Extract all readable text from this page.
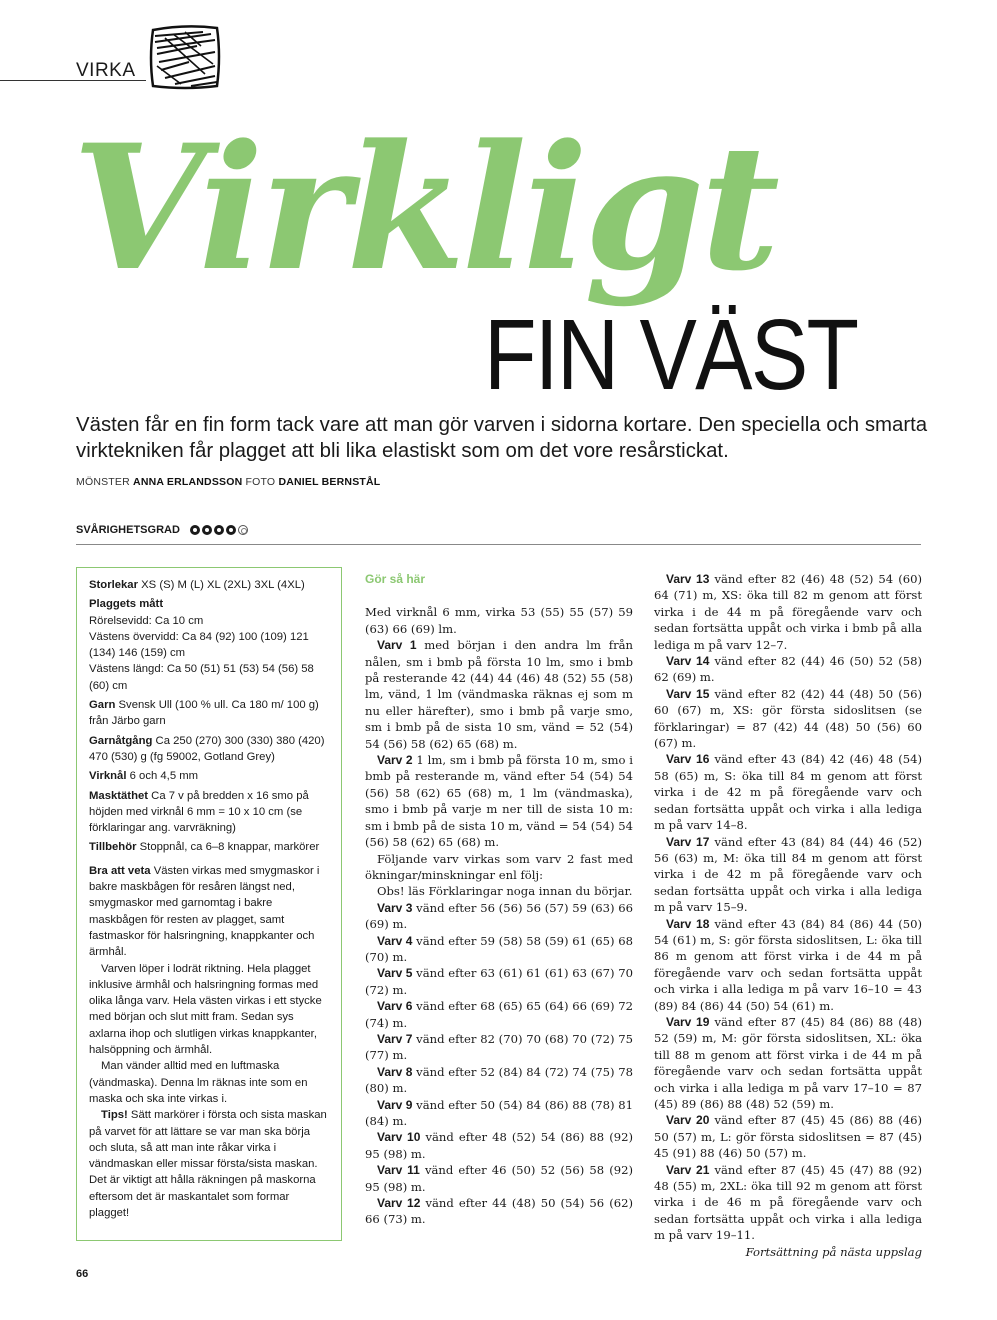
VIRKA
Virkligt
FIN VÄST
Västen får en fin form tack vare att man gör varven i sidorna kortare. Den speciella och smarta virktekniken får plagget att bli lika elastiskt som om det vore resårstickat.
MÖNSTER ANNA ERLANDSSON FOTO DANIEL BERNSTÅL
SVÅRIGHETSGRAD

Storlekar XS (S) M (L) XL (2XL) 3XL (4XL)

Plaggets mått

Rörelsevidd: Ca 10 cm

Västens övervidd: Ca 84 (92) 100 (109) 121 (134) 146 (159) cm

Västens längd: Ca 50 (51) 51 (53) 54 (56) 58 (60) cm

Garn Svensk Ull (100 % ull. Ca 180 m/ 100 g) från Järbo garn

Garnåtgång Ca 250 (270) 300 (330) 380 (420) 470 (530) g (fg 59002, Gotland Grey)

Virknål 6 och 4,5 mm

Masktäthet Ca 7 v på bredden x 16 smo på höjden med virknål 6 mm = 10 x 10 cm (se förklaringar ang. varvräkning)

Tillbehör Stoppnål, ca 6–8 knappar, markörer

Bra att veta Västen virkas med smygmaskor i bakre maskbågen för resåren längst ned, smygmaskor med garnomtag i bakre maskbågen för resten av plagget, samt fastmaskor för halsringning, knappkanter och ärmhål.

Varven löper i lodrät riktning. Hela plagget inklusive ärmhål och halsringning formas med olika långa varv. Hela västen virkas i ett stycke med början och slut mitt fram. Sedan sys axlarna ihop och slutligen virkas knappkanter, halsöppning och ärmhål.

Man vänder alltid med en luftmaska (vändmaska). Denna lm räknas inte som en maska och ska inte virkas i.

Tips! Sätt markörer i första och sista maskan på varvet för att lättare se var man ska börja och sluta, så att man inte råkar virka i vändmaskan eller missar första/sista maskan. Det är viktigt att hålla räkningen på maskorna eftersom det är maskantalet som formar plagget!

Gör så här

Med virknål 6 mm, virka 53 (55) 55 (57) 59 (63) 66 (69) lm.

Varv 1 med början i den andra lm från nålen, sm i bmb på första 10 lm, smo i bmb på resterande 42 (44) 44 (46) 48 (52) 55 (58) lm, vänd, 1 lm (vändmaska räknas ej som m nu eller härefter), smo i bmb på varje smo, sm i bmb på de sista 10 sm, vänd = 52 (54) 54 (56) 58 (62) 65 (68) m.

Varv 2 1 lm, sm i bmb på första 10 m, smo i bmb på resterande m, vänd efter 54 (54) 54 (56) 58 (62) 65 (68) m, 1 lm (vändmaska), smo i bmb på varje m ner till de sista 10 m: sm i bmb på de sista 10 m, vänd = 54 (54) 54 (56) 58 (62) 65 (68) m.

Följande varv virkas som varv 2 fast med ökningar/minskningar enl följ:

Obs! läs Förklaringar noga innan du börjar.

Varv 3 vänd efter 56 (56) 56 (57) 59 (63) 66 (69) m.

Varv 4 vänd efter 59 (58) 58 (59) 61 (65) 68 (70) m.

Varv 5 vänd efter 63 (61) 61 (61) 63 (67) 70 (72) m.

Varv 6 vänd efter 68 (65) 65 (64) 66 (69) 72 (74) m.

Varv 7 vänd efter 82 (70) 70 (68) 70 (72) 75 (77) m.

Varv 8 vänd efter 52 (84) 84 (72) 74 (75) 78 (80) m.

Varv 9 vänd efter 50 (54) 84 (86) 88 (78) 81 (84) m.

Varv 10 vänd efter 48 (52) 54 (86) 88 (92) 95 (98) m.

Varv 11 vänd efter 46 (50) 52 (56) 58 (92) 95 (98) m.

Varv 12 vänd efter 44 (48) 50 (54) 56 (62) 66 (73) m.

Varv 13 vänd efter 82 (46) 48 (52) 54 (60) 64 (71) m, XS: öka till 82 m genom att först virka i de 44 m på föregående varv och sedan fortsätta uppåt och virka i bmb på alla lediga m på varv 12–7.

Varv 14 vänd efter 82 (44) 46 (50) 52 (58) 62 (69) m.

Varv 15 vänd efter 82 (42) 44 (48) 50 (56) 60 (67) m, XS: gör första sidoslitsen (se förklaringar) = 87 (42) 44 (48) 50 (56) 60 (67) m.

Varv 16 vänd efter 43 (84) 42 (46) 48 (54) 58 (65) m, S: öka till 84 m genom att först virka i de 42 m på föregående varv och sedan fortsätta uppåt och virka i alla lediga m på varv 14–8.

Varv 17 vänd efter 43 (84) 84 (44) 46 (52) 56 (63) m, M: öka till 84 m genom att först virka i de 42 m på föregående varv och sedan fortsätta uppåt och virka i alla lediga m på varv 15–9.

Varv 18 vänd efter 43 (84) 84 (86) 44 (50) 54 (61) m, S: gör första sidoslitsen, L: öka till 86 m genom att först virka i de 44 m på föregående varv och sedan fortsätta uppåt och virka i alla lediga m på varv 16–10 = 43 (89) 84 (86) 44 (50) 54 (61) m.

Varv 19 vänd efter 87 (45) 84 (86) 88 (48) 52 (59) m, M: gör första sidoslitsen, XL: öka till 88 m genom att först virka i de 44 m på föregående varv och sedan fortsätta uppåt och virka i alla lediga m på varv 17–10 = 87 (45) 89 (86) 88 (48) 52 (59) m.

Varv 20 vänd efter 87 (45) 45 (86) 88 (46) 50 (57) m, L: gör första sidoslitsen = 87 (45) 45 (91) 88 (46) 50 (57) m.

Varv 21 vänd efter 87 (45) 45 (47) 88 (92) 48 (55) m, 2XL: öka till 92 m genom att först virka i de 46 m på föregående varv och sedan fortsätta uppåt och virka i alla lediga m på varv 19–11.

Fortsättning på nästa uppslag
66
